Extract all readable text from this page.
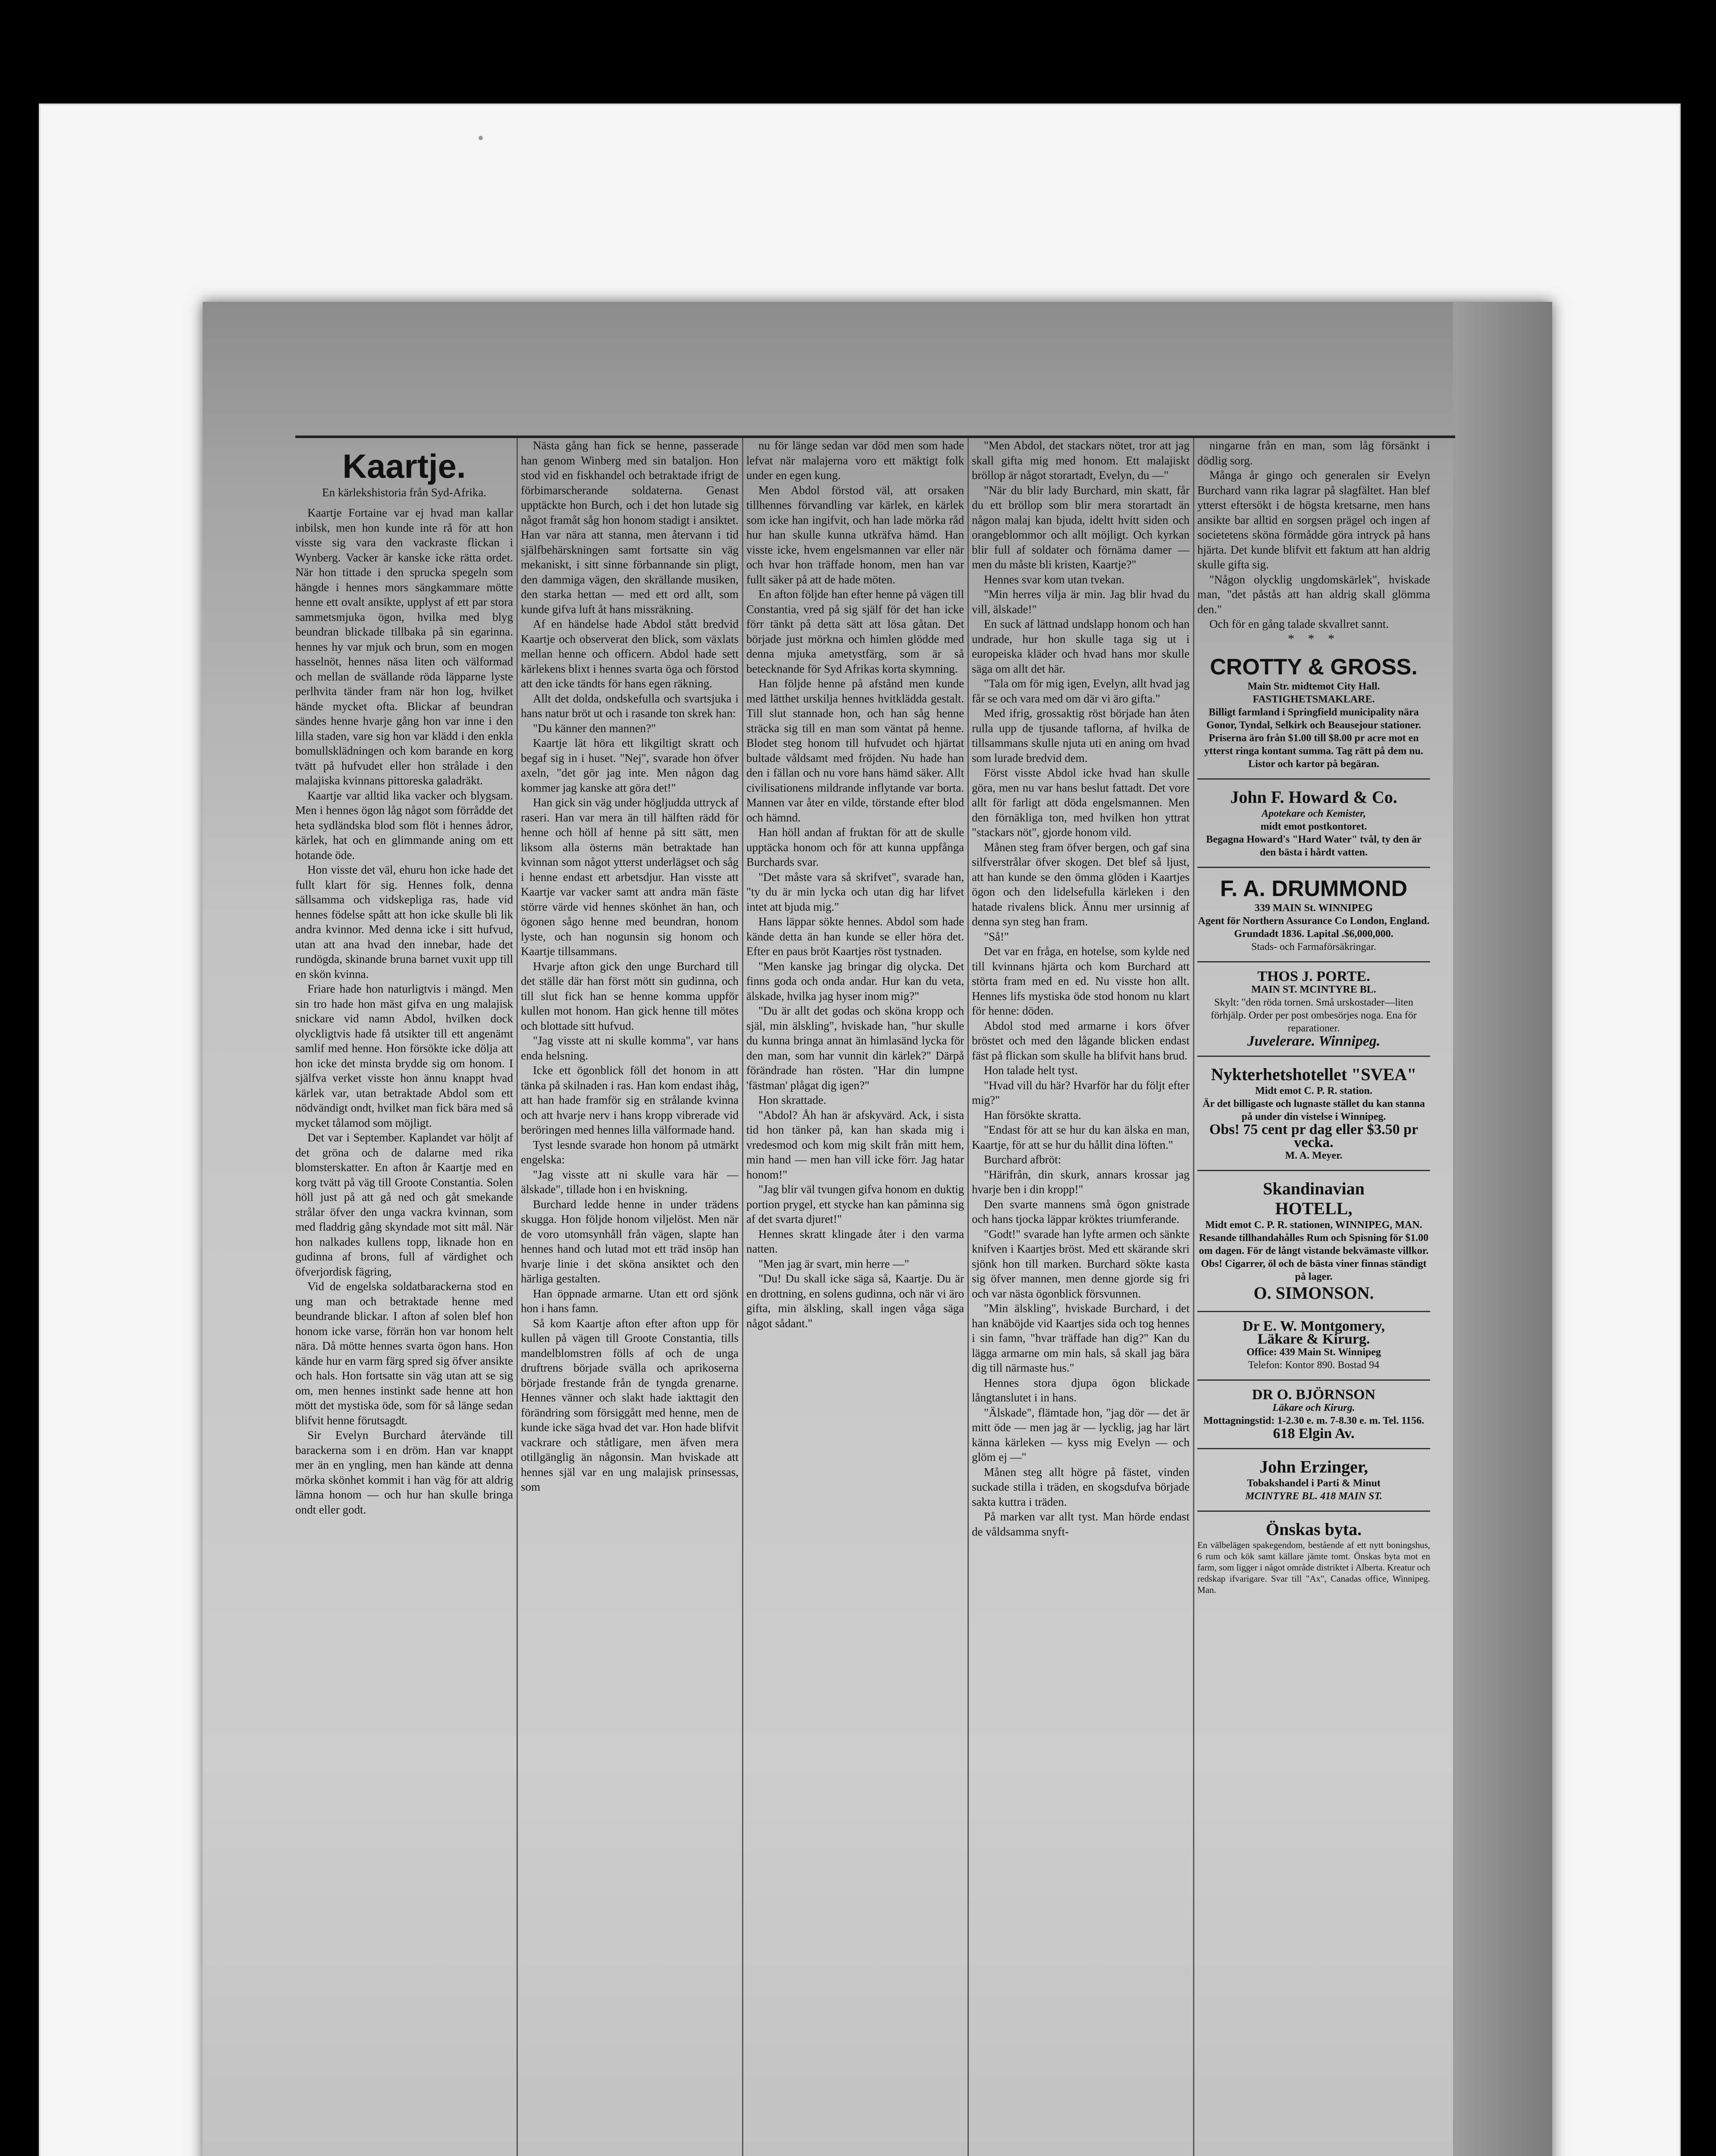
Kaartje.
En kärlekshistoria från Syd-Afrika.

Kaartje Fortaine var ej hvad man kallar inbilsk, men hon kunde inte rå för att hon visste sig vara den vackraste flickan i Wynberg. Vacker är kanske icke rätta ordet. När hon tittade i den sprucka spegeln som hängde i hennes mors sängkammare mötte henne ett ovalt ansikte, upplyst af ett par stora sammetsmjuka ögon, hvilka med blyg beundran blickade tillbaka på sin egarinna. hennes hy var mjuk och brun, som en mogen hasselnöt, hennes näsa liten och välformad och mellan de svällande röda läpparne lyste perlhvita tänder fram när hon log, hvilket hände mycket ofta. Blickar af beundran sändes henne hvarje gång hon var inne i den lilla staden, vare sig hon var klädd i den enkla bomullsklädningen och kom barande en korg tvätt på hufvudet eller hon strålade i den malajiska kvinnans pittoreska galadräkt.

Kaartje var alltid lika vacker och blygsam. Men i hennes ögon låg något som förrådde det heta sydländska blod som flöt i hennes ådror, kärlek, hat och en glimmande aning om ett hotande öde.

Hon visste det väl, ehuru hon icke hade det fullt klart för sig. Hennes folk, denna sällsamma och vidskepliga ras, hade vid hennes födelse spått att hon icke skulle bli lik andra kvinnor. Med denna icke i sitt hufvud, utan att ana hvad den innebar, hade det rundögda, skinande bruna barnet vuxit upp till en skön kvinna.

Friare hade hon naturligtvis i mängd. Men sin tro hade hon mäst gifva en ung malajisk snickare vid namn Abdol, hvilken dock olyckligtvis hade få utsikter till ett angenämt samlif med henne. Hon försökte icke dölja att hon icke det minsta brydde sig om honom. I själfva verket visste hon ännu knappt hvad kärlek var, utan betraktade Abdol som ett nödvändigt ondt, hvilket man fick bära med så mycket tålamod som möjligt.

Det var i September. Kaplandet var höljt af det gröna och de dalarne med rika blomsterskatter. En afton år Kaartje med en korg tvätt på väg till Groote Constantia. Solen höll just på att gå ned och gåt smekande strålar öfver den unga vackra kvinnan, som med fladdrig gång skyndade mot sitt mål. När hon nalkades kullens topp, liknade hon en gudinna af brons, full af värdighet och öfverjordisk fägring,

Vid de engelska soldatbarackerna stod en ung man och betraktade henne med beundrande blickar. I afton af solen blef hon honom icke varse, förrän hon var honom helt nära. Då mötte hennes svarta ögon hans. Hon kände hur en varm färg spred sig öfver ansikte och hals. Hon fortsatte sin väg utan att se sig om, men hennes instinkt sade henne att hon mött det mystiska öde, som för så länge sedan blifvit henne förutsagdt.

Sir Evelyn Burchard återvände till barackerna som i en dröm. Han var knappt mer än en yngling, men han kände att denna mörka skönhet kommit i han väg för att aldrig lämna honom — och hur han skulle bringa ondt eller godt.

Nästa gång han fick se henne, passerade han genom Winberg med sin bataljon. Hon stod vid en fiskhandel och betraktade ifrigt de förbimarscherande soldaterna. Genast upptäckte hon Burch, och i det hon lutade sig något framåt såg hon honom stadigt i ansiktet. Han var nära att stanna, men återvann i tid själfbehärskningen samt fortsatte sin väg mekaniskt, i sitt sinne förbannande sin pligt, den dammiga vägen, den skrällande musiken, den starka hettan — med ett ord allt, som kunde gifva luft åt hans missräkning.

Af en händelse hade Abdol stått bredvid Kaartje och observerat den blick, som växlats mellan henne och officern. Abdol hade sett kärlekens blixt i hennes svarta öga och förstod att den icke tändts för hans egen räkning.

Allt det dolda, ondskefulla och svartsjuka i hans natur bröt ut och i rasande ton skrek han:

"Du känner den mannen?"

Kaartje lät höra ett likgiltigt skratt och begaf sig in i huset. "Nej", svarade hon öfver axeln, "det gör jag inte. Men någon dag kommer jag kanske att göra det!"

Han gick sin väg under högljudda uttryck af raseri. Han var mera än till hälften rädd för henne och höll af henne på sitt sätt, men liksom alla österns män betraktade han kvinnan som något ytterst underlägset och såg i henne endast ett arbetsdjur. Han visste att Kaartje var vacker samt att andra män fäste större värde vid hennes skönhet än han, och ögonen sågo henne med beundran, honom lyste, och han nogunsin sig honom och Kaartje tillsammans.

Hvarje afton gick den unge Burchard till det ställe där han först mött sin gudinna, och till slut fick han se henne komma uppför kullen mot honom. Han gick henne till mötes och blottade sitt hufvud.

"Jag visste att ni skulle komma", var hans enda helsning.

Icke ett ögonblick föll det honom in att tänka på skilnaden i ras. Han kom endast ihåg, att han hade framför sig en strålande kvinna och att hvarje nerv i hans kropp vibrerade vid beröringen med hennes lilla välformade hand.

Tyst lesnde svarade hon honom på utmärkt engelska:

"Jag visste att ni skulle vara här — älskade", tillade hon i en hviskning.

Burchard ledde henne in under trädens skugga. Hon följde honom viljelöst. Men när de voro utomsynhåll från vägen, slapte han hennes hand och lutad mot ett träd insöp han hvarje linie i det sköna ansiktet och den härliga gestalten.

Han öppnade armarne. Utan ett ord sjönk hon i hans famn.

Så kom Kaartje afton efter afton upp för kullen på vägen till Groote Constantia, tills mandelblomstren fölls af och de unga druftrens började svälla och aprikoserna började frestande från de tyngda grenarne. Hennes vänner och slakt hade iakttagit den förändring som försiggått med henne, men de kunde icke säga hvad det var. Hon hade blifvit vackrare och ståtligare, men äfven mera otillgänglig än någonsin. Man hviskade att hennes själ var en ung malajisk prinsessas, som

nu för länge sedan var död men som hade lefvat när malajerna voro ett mäktigt folk under en egen kung.

Men Abdol förstod väl, att orsaken tillhennes förvandling var kärlek, en kärlek som icke han ingifvit, och han lade mörka råd hur han skulle kunna utkräfva hämd. Han visste icke, hvem engelsmannen var eller när och hvar hon träffade honom, men han var fullt säker på att de hade möten.

En afton följde han efter henne på vägen till Constantia, vred på sig själf för det han icke förr tänkt på detta sätt att lösa gåtan. Det började just mörkna och himlen glödde med denna mjuka ametystfärg, som är så betecknande för Syd Afrikas korta skymning.

Han följde henne på afstånd men kunde med lätthet urskilja hennes hvitklädda gestalt. Till slut stannade hon, och han såg henne sträcka sig till en man som väntat på henne. Blodet steg honom till hufvudet och hjärtat bultade våldsamt med fröjden. Nu hade han den i fällan och nu vore hans hämd säker. Allt civilisationens mildrande inflytande var borta. Mannen var åter en vilde, törstande efter blod och hämnd.

Han höll andan af fruktan för att de skulle upptäcka honom och för att kunna uppfånga Burchards svar.

"Det måste vara så skrifvet", svarade han, "ty du är min lycka och utan dig har lifvet intet att bjuda mig."

Hans läppar sökte hennes. Abdol som hade kände detta än han kunde se eller höra det. Efter en paus bröt Kaartjes röst tystnaden.

"Men kanske jag bringar dig olycka. Det finns goda och onda andar. Hur kan du veta, älskade, hvilka jag hyser inom mig?"

"Du är allt det godas och sköna kropp och själ, min älskling", hviskade han, "hur skulle du kunna bringa annat än himlasänd lycka för den man, som har vunnit din kärlek?" Därpå förändrade han rösten. "Har din lumpne 'fästman' plågat dig igen?"

Hon skrattade.

"Abdol? Åh han är afskyvärd. Ack, i sista tid hon tänker på, kan han skada mig i vredesmod och kom mig skilt från mitt hem, min hand — men han vill icke förr. Jag hatar honom!"

"Jag blir väl tvungen gifva honom en duktig portion prygel, ett stycke han kan påminna sig af det svarta djuret!"

Hennes skratt klingade åter i den varma natten.

"Men jag är svart, min herre —"

"Du! Du skall icke säga så, Kaartje. Du är en drottning, en solens gudinna, och när vi äro gifta, min älskling, skall ingen våga säga något sådant."

"Men Abdol, det stackars nötet, tror att jag skall gifta mig med honom. Ett malajiskt bröllop är något storartadt, Evelyn, du —"

"När du blir lady Burchard, min skatt, får du ett bröllop som blir mera storartadt än någon malaj kan bjuda, ideltt hvitt siden och orangeblommor och allt möjligt. Och kyrkan blir full af soldater och förnäma damer — men du måste bli kristen, Kaartje?"

Hennes svar kom utan tvekan.

"Min herres vilja är min. Jag blir hvad du vill, älskade!"

En suck af lättnad undslapp honom och han undrade, hur hon skulle taga sig ut i europeiska kläder och hvad hans mor skulle säga om allt det här.

"Tala om för mig igen, Evelyn, allt hvad jag får se och vara med om där vi äro gifta."

Med ifrig, grossaktig röst började han åten rulla upp de tjusande taflorna, af hvilka de tillsammans skulle njuta uti en aning om hvad som lurade bredvid dem.

Först visste Abdol icke hvad han skulle göra, men nu var hans beslut fattadt. Det vore allt för farligt att döda engelsmannen. Men den förnäkliga ton, med hvilken hon yttrat "stackars nöt", gjorde honom vild.

Månen steg fram öfver bergen, och gaf sina silfverstrålar öfver skogen. Det blef så ljust, att han kunde se den ömma glöden i Kaartjes ögon och den lidelsefulla kärleken i den hatade rivalens blick. Ännu mer ursinnig af denna syn steg han fram.

"Så!"

Det var en fråga, en hotelse, som kylde ned till kvinnans hjärta och kom Burchard att störta fram med en ed. Nu visste hon allt. Hennes lifs mystiska öde stod honom nu klart för henne: döden.

Abdol stod med armarne i kors öfver bröstet och med den lågande blicken endast fäst på flickan som skulle ha blifvit hans brud.

Hon talade helt tyst.

"Hvad vill du här? Hvarför har du följt efter mig?"

Han försökte skratta.

"Endast för att se hur du kan älska en man, Kaartje, för att se hur du hållit dina löften."

Burchard afbröt:

"Härifrån, din skurk, annars krossar jag hvarje ben i din kropp!"

Den svarte mannens små ögon gnistrade och hans tjocka läppar kröktes triumferande.

"Godt!" svarade han lyfte armen och sänkte knifven i Kaartjes bröst. Med ett skärande skri sjönk hon till marken. Burchard sökte kasta sig öfver mannen, men denne gjorde sig fri och var nästa ögonblick försvunnen.

"Min älskling", hviskade Burchard, i det han knäböjde vid Kaartjes sida och tog hennes i sin famn, "hvar träffade han dig?" Kan du lägga armarne om min hals, så skall jag bära dig till närmaste hus."

Hennes stora djupa ögon blickade långtanslutet i in hans.

"Älskade", flämtade hon, "jag dör — det är mitt öde — men jag är — lycklig, jag har lärt känna kärleken — kyss mig Evelyn — och glöm ej —"

Månen steg allt högre på fästet, vinden suckade stilla i träden, en skogsdufva började sakta kuttra i träden.

På marken var allt tyst. Man hörde endast de våldsamma snyft-

ningarne från en man, som låg försänkt i dödlig sorg.

Många år gingo och generalen sir Evelyn Burchard vann rika lagrar på slagfältet. Han blef ytterst eftersökt i de högsta kretsarne, men hans ansikte bar alltid en sorgsen prägel och ingen af societetens sköna förmådde göra intryck på hans hjärta. Det kunde blifvit ett faktum att han aldrig skulle gifta sig.

"Någon olycklig ungdomskärlek", hviskade man, "det påstås att han aldrig skall glömma den."

Och för en gång talade skvallret sannt.

* * *
CROTTY & GROSS.
Main Str. midtemot City Hall.
FASTIGHETSMAKLARE.
Billigt farmland i Springfield municipality nära Gonor, Tyndal, Selkirk och Beausejour stationer. Priserna äro från $1.00 till $8.00 pr acre mot en ytterst ringa kontant summa. Tag rätt på dem nu. Listor och kartor på begäran.
John F. Howard & Co.
Apotekare och Kemister,
midt emot postkontoret.
Begagna Howard's "Hard Water" tvål, ty den är den bästa i hårdt vatten.
F. A. DRUMMOND
339 MAIN St. WINNIPEG
Agent för Northern Assurance Co London, England. Grundadt 1836. Lapital .$6,000,000.
Stads- och Farmaförsäkringar.
THOS J. PORTE.
MAIN ST. MCINTYRE BL.
Skylt: "den röda tornen. Små urskostader—liten förhjälp. Order per post ombesörjes noga. Ena för reparationer.
Juvelerare. Winnipeg.
Nykterhetshotellet "SVEA"
Midt emot C. P. R. station.
Är det billigaste och lugnaste stället du kan stanna på under din vistelse i Winnipeg.
Obs! 75 cent pr dag eller $3.50 pr vecka.
M. A. Meyer.
Skandinavian
HOTELL,
Midt emot C. P. R. stationen, WINNIPEG, MAN.
Resande tillhandahålles Rum och Spisning för $1.00 om dagen. För de långt vistande bekvämaste villkor.
Obs! Cigarrer, öl och de bästa viner finnas ständigt på lager.
O. SIMONSON.
Dr E. W. Montgomery,
Läkare & Kirurg.
Office: 439 Main St. Winnipeg
Telefon: Kontor 890. Bostad 94
DR O. BJÖRNSON
Läkare och Kirurg.
Mottagningstid: 1-2.30 e. m. 7-8.30 e. m. Tel. 1156.
618 Elgin Av.
John Erzinger,
Tobakshandel i Parti & Minut
MCINTYRE BL. 418 MAIN ST.
Önskas byta.
En välbelägen spakegendom, bestående af ett nytt boningshus, 6 rum och kök samt källare jämte tomt. Önskas byta mot en farm, som ligger i något område distriktet i Alberta. Kreatur och redskap ifvarigare. Svar till "Ax", Canadas office, Winnipeg. Man.
